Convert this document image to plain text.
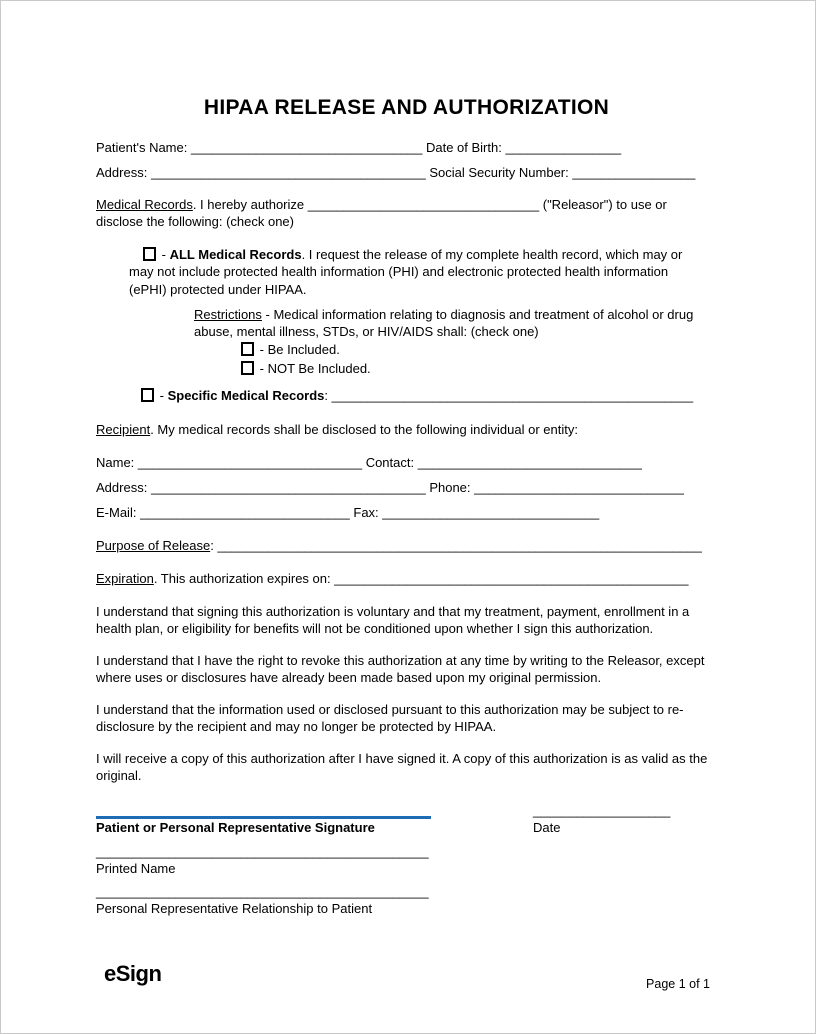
HIPAA RELEASE AND AUTHORIZATION
Patient's Name: ________________________________ Date of Birth: ________________
Address: ______________________________________ Social Security Number: _________________

Medical Records. I hereby authorize ________________________________ ("Releasor") to use or disclose the following: (check one)

- ALL Medical Records. I request the release of my complete health record, which may or may not include protected health information (PHI) and electronic protected health information (ePHI) protected under HIPAA.

Restrictions - Medical information relating to diagnosis and treatment of alcohol or drug abuse, mental illness, STDs, or HIV/AIDS shall: (check one)

- Be Included.
- NOT Be Included.
- Specific Medical Records: __________________________________________________

Recipient. My medical records shall be disclosed to the following individual or entity:

Name: _______________________________ Contact: _______________________________
Address: ______________________________________ Phone: _____________________________
E-Mail: _____________________________ Fax: ______________________________
Purpose of Release: ___________________________________________________________________
Expiration. This authorization expires on: _________________________________________________

I understand that signing this authorization is voluntary and that my treatment, payment, enrollment in a health plan, or eligibility for benefits will not be conditioned upon whether I sign this authorization.

I understand that I have the right to revoke this authorization at any time by writing to the Releasor, except where uses or disclosures have already been made based upon my original permission.

I understand that the information used or disclosed pursuant to this authorization may be subject to re-disclosure by the recipient and may no longer be protected by HIPAA.

I will receive a copy of this authorization after I have signed it. A copy of this authorization is as valid as the original.

Patient or Personal Representative Signature
___________________
Date
______________________________________________
Printed Name
______________________________________________
Personal Representative Relationship to Patient
eSign	Page 1 of 1
